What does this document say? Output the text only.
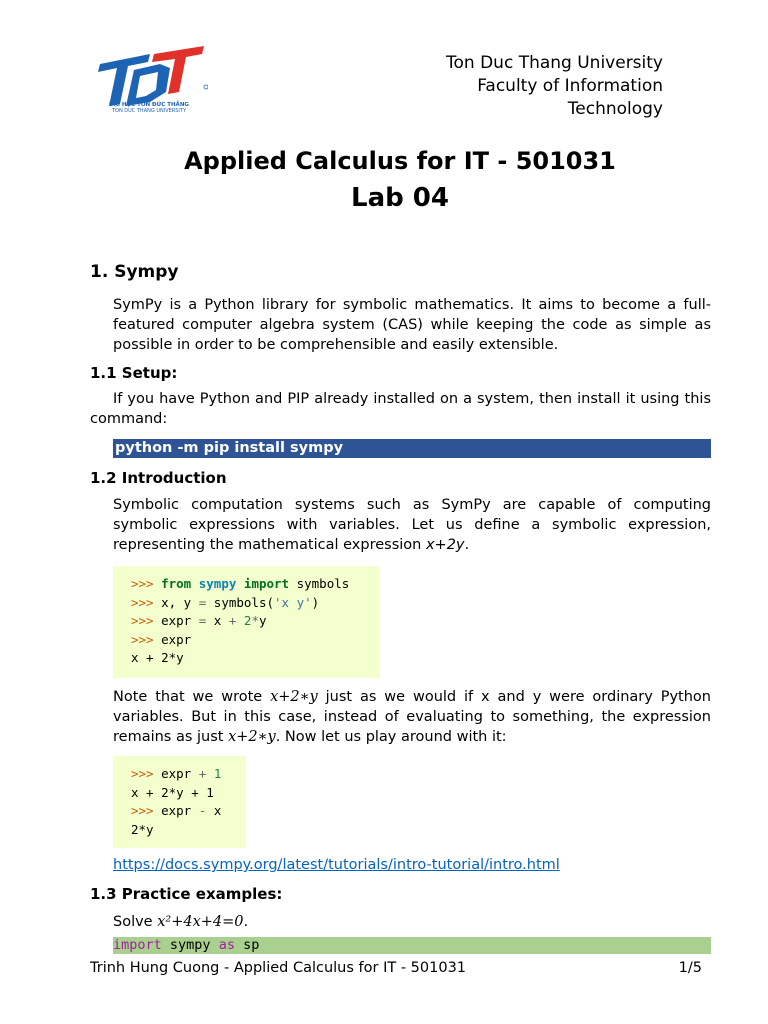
ĐẠI HỌC TÔN ĐỨC THẮNG
TON DUC THANG UNIVERSITY
Ton Duc Thang University
Faculty of Information
Technology
Applied Calculus for IT - 501031
Lab 04
1. Sympy
SymPy is a Python library for symbolic mathematics. It aims to become a full-featured computer algebra system (CAS) while keeping the code as simple as possible in order to be comprehensible and easily extensible.
1.1 Setup:
If you have Python and PIP already installed on a system, then install it using this command:
python -m pip install sympy
1.2 Introduction
Symbolic computation systems such as SymPy are capable of computing symbolic expressions with variables. Let us define a symbolic expression, representing the mathematical expression x+2y.
>>> from sympy import symbols
>>> x, y = symbols('x y')
>>> expr = x + 2*y
>>> expr
x + 2*y
Note that we wrote x+2∗y just as we would if x and y were ordinary Python variables. But in this case, instead of evaluating to something, the expression remains as just x+2∗y. Now let us play around with it:
>>> expr + 1
x + 2*y + 1
>>> expr - x
2*y
https://docs.sympy.org/latest/tutorials/intro-tutorial/intro.html
1.3 Practice examples:
Solve x²+4x+4=0.
import sympy as sp
Trinh Hung Cuong - Applied Calculus for IT - 501031	1/5
